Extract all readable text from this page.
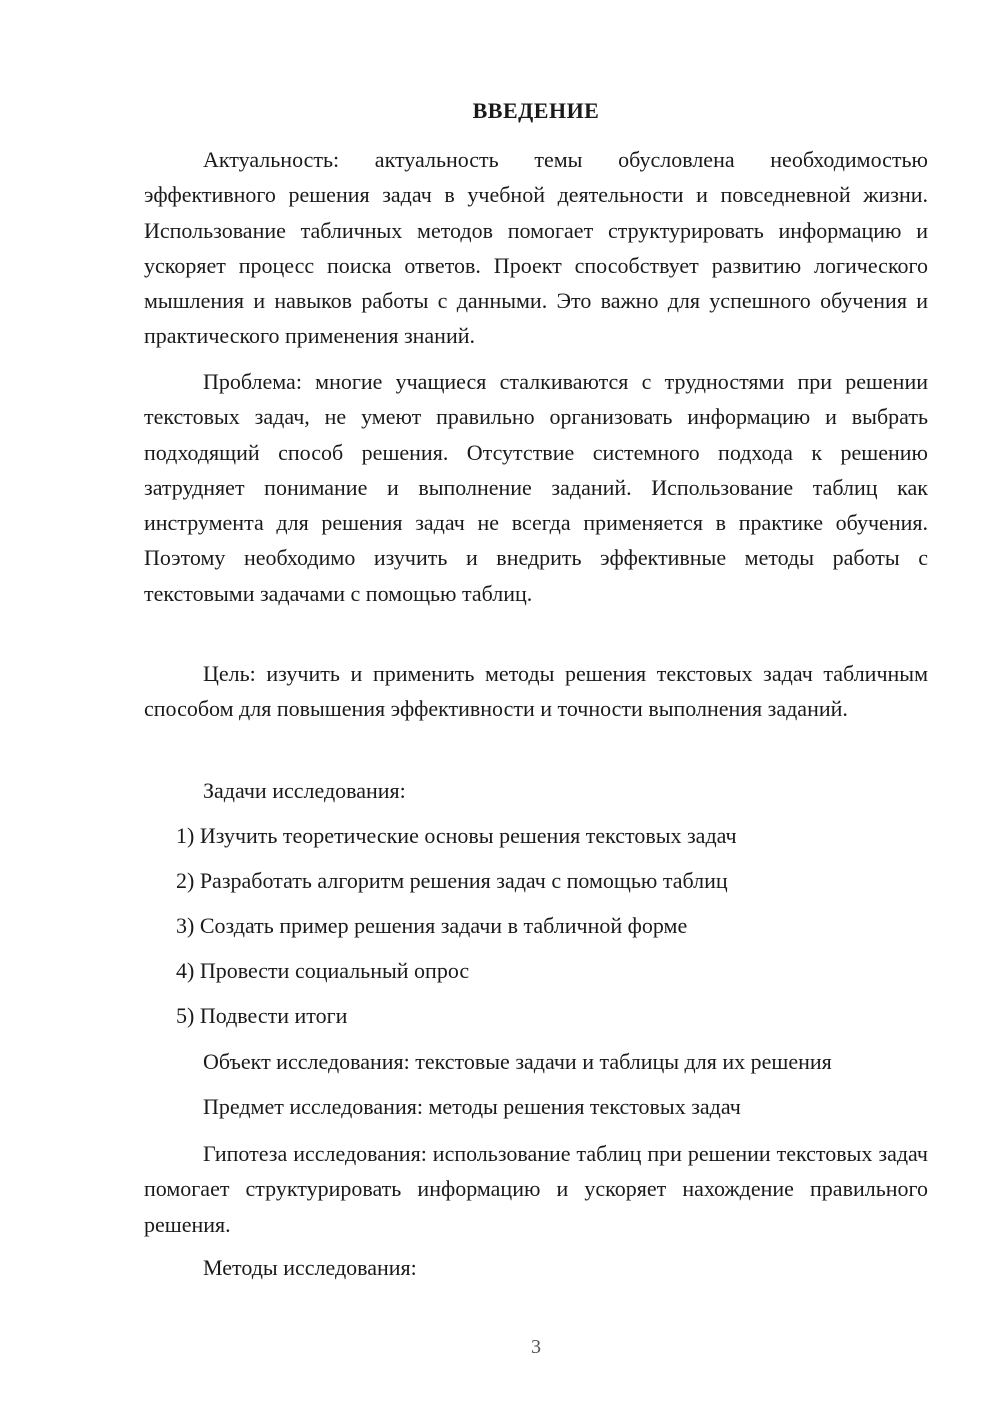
ВВЕДЕНИЕ

Актуальность: актуальность темы обусловлена необходимостью эффективного решения задач в учебной деятельности и повседневной жизни. Использование табличных методов помогает структурировать информацию и ускоряет процесс поиска ответов. Проект способствует развитию логического мышления и навыков работы с данными. Это важно для успешного обучения и практического применения знаний.

Проблема: многие учащиеся сталкиваются с трудностями при решении текстовых задач, не умеют правильно организовать информацию и выбрать подходящий способ решения. Отсутствие системного подхода к решению затрудняет понимание и выполнение заданий. Использование таблиц как инструмента для решения задач не всегда применяется в практике обучения. Поэтому необходимо изучить и внедрить эффективные методы работы с текстовыми задачами с помощью таблиц.

Цель: изучить и применить методы решения текстовых задач табличным способом для повышения эффективности и точности выполнения заданий.

Задачи исследования:
1) Изучить теоретические основы решения текстовых задач
2) Разработать алгоритм решения задач с помощью таблиц
3) Создать пример решения задачи в табличной форме
4) Провести социальный опрос
5) Подвести итоги
Объект исследования: текстовые задачи и таблицы для их решения
Предмет исследования: методы решения текстовых задач

Гипотеза исследования: использование таблиц при решении текстовых задач помогает структурировать информацию и ускоряет нахождение правильного решения.

Методы исследования:
3
